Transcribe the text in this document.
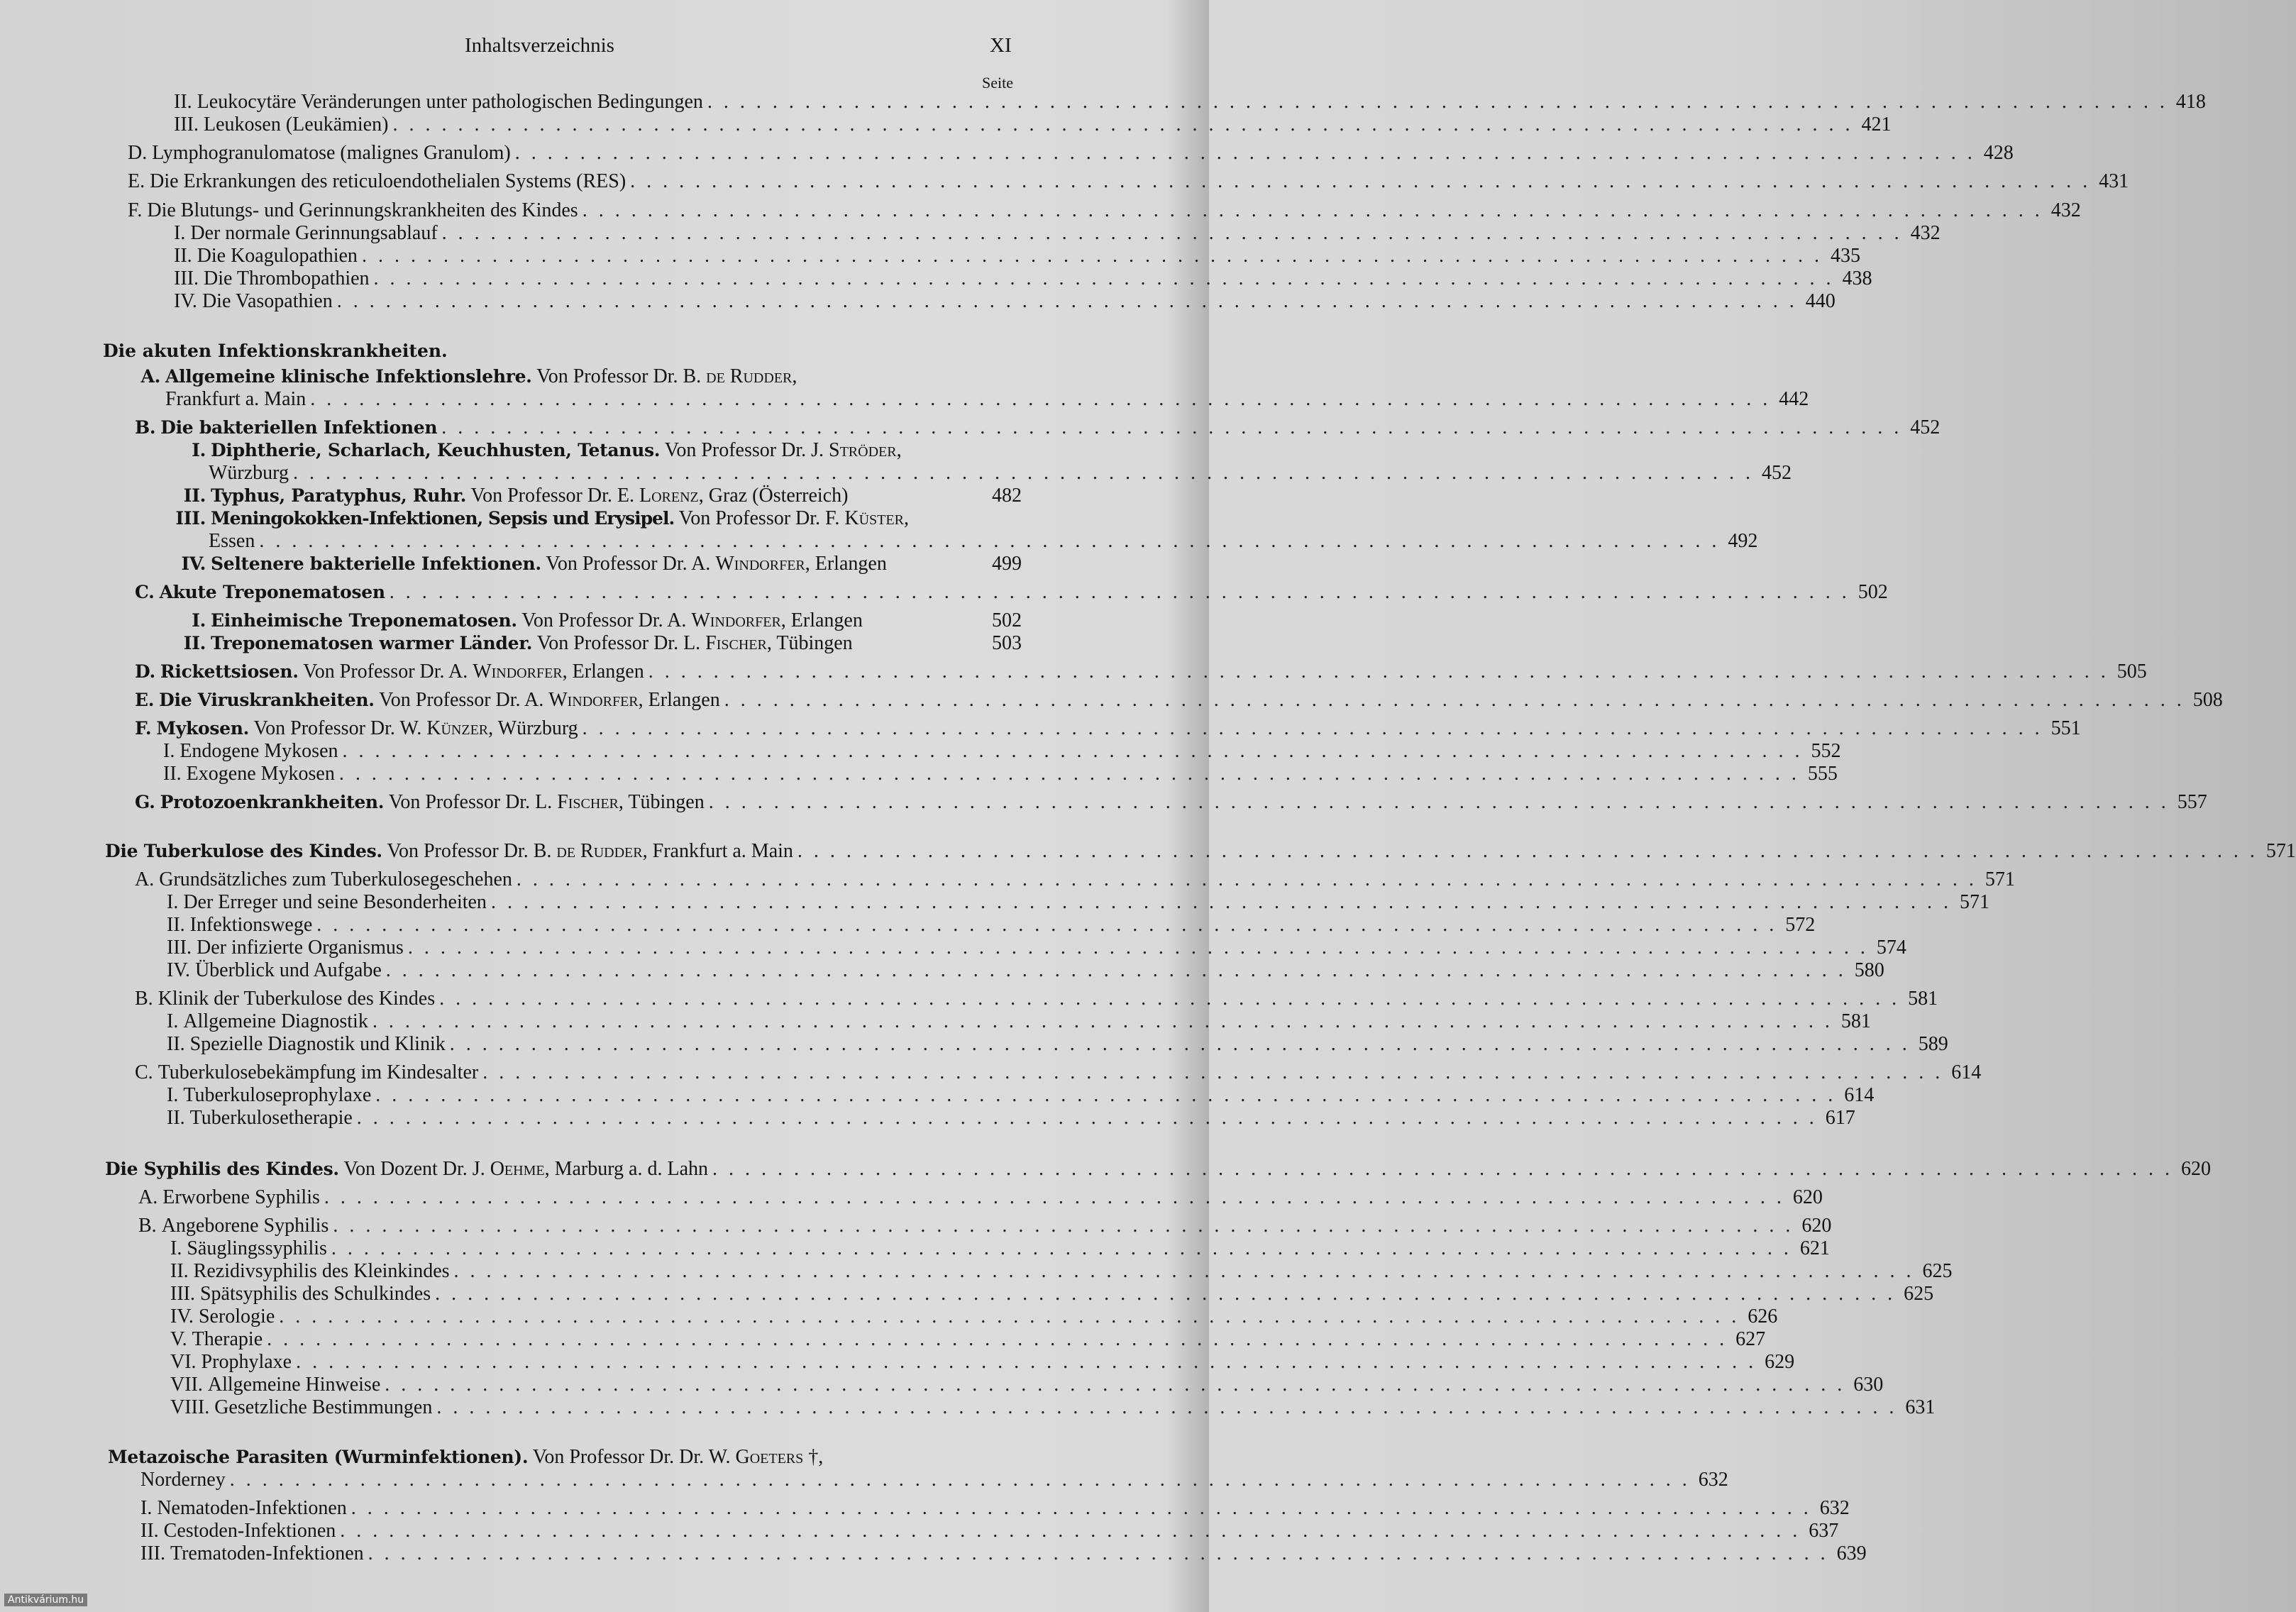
Inhaltsverzeichnis	XI
Seite
II. Leukocytäre Veränderungen unter pathologischen Bedingungen . . .	418
III. Leukosen (Leukämien) . . .	421
D. Lymphogranulomatose (malignes Granulom) . . .	428
E. Die Erkrankungen des reticuloendothelialen Systems (RES) . . .	431
F. Die Blutungs- und Gerinnungskrankheiten des Kindes . . .	432
I. Der normale Gerinnungsablauf . . .	432
II. Die Koagulopathien . . .	435
III. Die Thrombopathien . . .	438
IV. Die Vasopathien . . .	440
Die akuten Infektionskrankheiten.
A. Allgemeine klinische Infektionslehre. Von Professor Dr. B. de Rudder,
Frankfurt a. Main . . .	442
B. Die bakteriellen Infektionen . . .	452
I. Diphtherie, Scharlach, Keuchhusten, Tetanus. Von Professor Dr. J. Ströder,
Würzburg . . .	452
II. Typhus, Paratyphus, Ruhr. Von Professor Dr. E. Lorenz, Graz (Österreich)	482
III. Meningokokken-Infektionen, Sepsis und Erysipel. Von Professor Dr. F. Küster,
Essen . . .	492
IV. Seltenere bakterielle Infektionen. Von Professor Dr. A. Windorfer, Erlangen	499
C. Akute Treponematosen . . .	502
I. Einheimische Treponematosen. Von Professor Dr. A. Windorfer, Erlangen	502
II. Treponematosen warmer Länder. Von Professor Dr. L. Fischer, Tübingen	503
D. Rickettsiosen. Von Professor Dr. A. Windorfer, Erlangen . . .	505
E. Die Viruskrankheiten. Von Professor Dr. A. Windorfer, Erlangen . . .	508
F. Mykosen. Von Professor Dr. W. Künzer, Würzburg . . .	551
I. Endogene Mykosen . . .	552
II. Exogene Mykosen . . .	555
G. Protozoenkrankheiten. Von Professor Dr. L. Fischer, Tübingen . . .	557
Die Tuberkulose des Kindes. Von Professor Dr. B. de Rudder, Frankfurt a. Main . . .	571
A. Grundsätzliches zum Tuberkulosegeschehen . . .	571
I. Der Erreger und seine Besonderheiten . . .	571
II. Infektionswege . . .	572
III. Der infizierte Organismus . . .	574
IV. Überblick und Aufgabe . . .	580
B. Klinik der Tuberkulose des Kindes . . .	581
I. Allgemeine Diagnostik . . .	581
II. Spezielle Diagnostik und Klinik . . .	589
C. Tuberkulosebekämpfung im Kindesalter . . .	614
I. Tuberkuloseprophylaxe . . .	614
II. Tuberkulosetherapie . . .	617
Die Syphilis des Kindes. Von Dozent Dr. J. Oehme, Marburg a. d. Lahn . . .	620
A. Erworbene Syphilis . . .	620
B. Angeborene Syphilis . . .	620
I. Säuglingssyphilis . . .	621
II. Rezidivsyphilis des Kleinkindes . . .	625
III. Spätsyphilis des Schulkindes . . .	625
IV. Serologie . . .	626
V. Therapie . . .	627
VI. Prophylaxe . . .	629
VII. Allgemeine Hinweise . . .	630
VIII. Gesetzliche Bestimmungen . . .	631
Metazoische Parasiten (Wurminfektionen). Von Professor Dr. Dr. W. Goeters †,
Norderney . . .	632
I. Nematoden-Infektionen . . .	632
II. Cestoden-Infektionen . . .	637
III. Trematoden-Infektionen . . .	639
Antikvárium.hu
